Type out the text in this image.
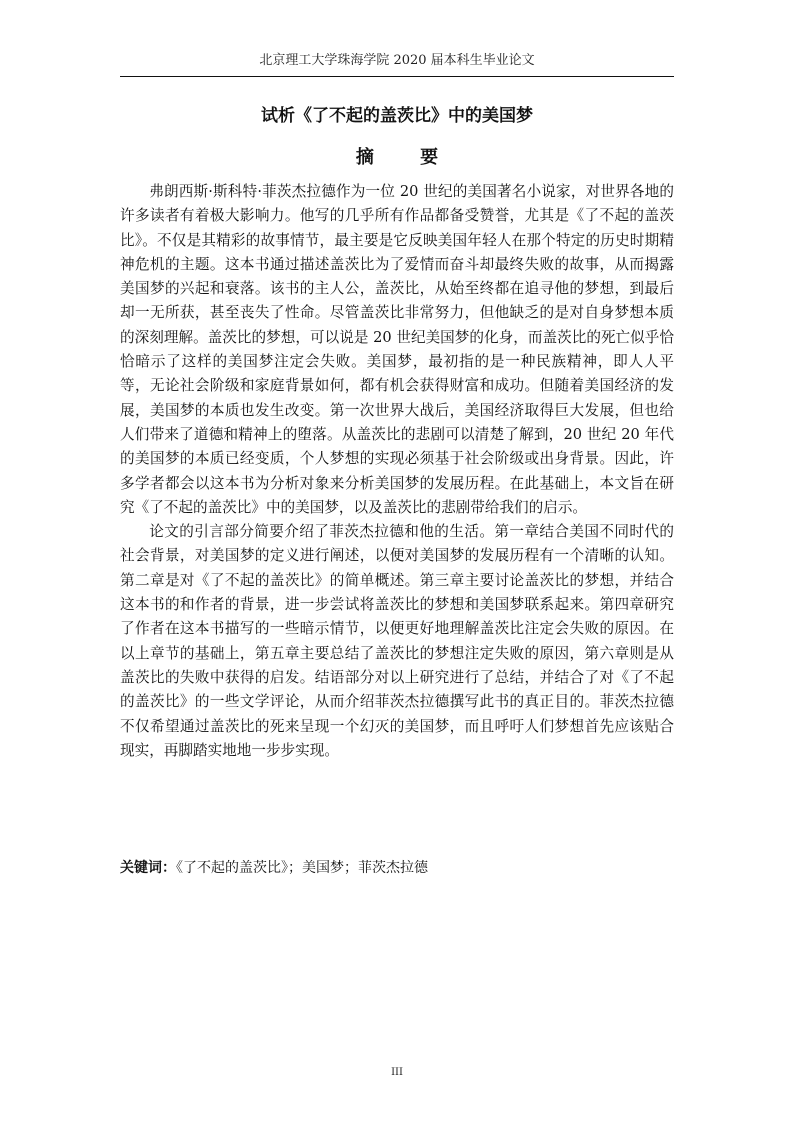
北京理工大学珠海学院 2020 届本科生毕业论文
试析《了不起的盖茨比》中的美国梦
摘 要

弗朗西斯·斯科特·菲茨杰拉德作为一位 20 世纪的美国著名小说家，对世界各地的许多读者有着极大影响力。他写的几乎所有作品都备受赞誉，尤其是《了不起的盖茨比》。不仅是其精彩的故事情节，最主要是它反映美国年轻人在那个特定的历史时期精神危机的主题。这本书通过描述盖茨比为了爱情而奋斗却最终失败的故事，从而揭露美国梦的兴起和衰落。该书的主人公，盖茨比，从始至终都在追寻他的梦想，到最后却一无所获，甚至丧失了性命。尽管盖茨比非常努力，但他缺乏的是对自身梦想本质的深刻理解。盖茨比的梦想，可以说是 20 世纪美国梦的化身，而盖茨比的死亡似乎恰恰暗示了这样的美国梦注定会失败。美国梦，最初指的是一种民族精神，即人人平等，无论社会阶级和家庭背景如何，都有机会获得财富和成功。但随着美国经济的发展，美国梦的本质也发生改变。第一次世界大战后，美国经济取得巨大发展，但也给人们带来了道德和精神上的堕落。从盖茨比的悲剧可以清楚了解到，20 世纪 20 年代的美国梦的本质已经变质，个人梦想的实现必须基于社会阶级或出身背景。因此，许多学者都会以这本书为分析对象来分析美国梦的发展历程。在此基础上，本文旨在研究《了不起的盖茨比》中的美国梦，以及盖茨比的悲剧带给我们的启示。

论文的引言部分简要介绍了菲茨杰拉德和他的生活。第一章结合美国不同时代的社会背景，对美国梦的定义进行阐述，以便对美国梦的发展历程有一个清晰的认知。第二章是对《了不起的盖茨比》的简单概述。第三章主要讨论盖茨比的梦想，并结合这本书的和作者的背景，进一步尝试将盖茨比的梦想和美国梦联系起来。第四章研究了作者在这本书描写的一些暗示情节，以便更好地理解盖茨比注定会失败的原因。在以上章节的基础上，第五章主要总结了盖茨比的梦想注定失败的原因，第六章则是从盖茨比的失败中获得的启发。结语部分对以上研究进行了总结，并结合了对《了不起的盖茨比》的一些文学评论，从而介绍菲茨杰拉德撰写此书的真正目的。菲茨杰拉德不仅希望通过盖茨比的死来呈现一个幻灭的美国梦，而且呼吁人们梦想首先应该贴合现实，再脚踏实地地一步步实现。

关键词：《了不起的盖茨比》；美国梦；菲茨杰拉德
III
